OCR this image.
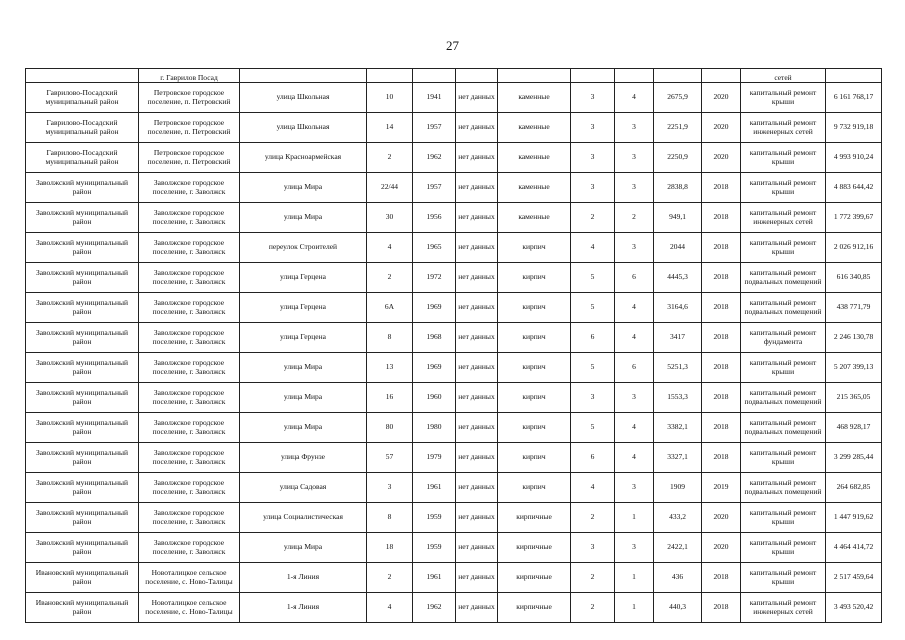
27
	г. Гаврилов Посад										сетей	
Гаврилово-Посадский муниципальный район	Петровское городское поселение, п. Петровский	улица Школьная	10	1941	нет данных	каменные	3	4	2675,9	2020	капитальный ремонт крыши	6 161 768,17
Гаврилово-Посадский муниципальный район	Петровское городское поселение, п. Петровский	улица Школьная	14	1957	нет данных	каменные	3	3	2251,9	2020	капитальный ремонт инженерных сетей	9 732 919,18
Гаврилово-Посадский муниципальный район	Петровское городское поселение, п. Петровский	улица Красноармейская	2	1962	нет данных	каменные	3	3	2250,9	2020	капитальный ремонт крыши	4 993 910,24
Заволжский муниципальный район	Заволжское городское поселение, г. Заволжск	улица Мира	22/44	1957	нет данных	каменные	3	3	2838,8	2018	капитальный ремонт крыши	4 883 644,42
Заволжский муниципальный район	Заволжское городское поселение, г. Заволжск	улица Мира	30	1956	нет данных	каменные	2	2	949,1	2018	капитальный ремонт инженерных сетей	1 772 399,67
Заволжский муниципальный район	Заволжское городское поселение, г. Заволжск	переулок Строителей	4	1965	нет данных	кирпич	4	3	2044	2018	капитальный ремонт крыши	2 026 912,16
Заволжский муниципальный район	Заволжское городское поселение, г. Заволжск	улица Герцена	2	1972	нет данных	кирпич	5	6	4445,3	2018	капитальный ремонт подвальных помещений	616 340,85
Заволжский муниципальный район	Заволжское городское поселение, г. Заволжск	улица Герцена	6А	1969	нет данных	кирпич	5	4	3164,6	2018	капитальный ремонт подвальных помещений	438 771,79
Заволжский муниципальный район	Заволжское городское поселение, г. Заволжск	улица Герцена	8	1968	нет данных	кирпич	6	4	3417	2018	капитальный ремонт фундамента	2 246 130,78
Заволжский муниципальный район	Заволжское городское поселение, г. Заволжск	улица Мира	13	1969	нет данных	кирпич	5	6	5251,3	2018	капитальный ремонт крыши	5 207 399,13
Заволжский муниципальный район	Заволжское городское поселение, г. Заволжск	улица Мира	16	1960	нет данных	кирпич	3	3	1553,3	2018	капитальный ремонт подвальных помещений	215 365,05
Заволжский муниципальный район	Заволжское городское поселение, г. Заволжск	улица Мира	80	1980	нет данных	кирпич	5	4	3382,1	2018	капитальный ремонт подвальных помещений	468 928,17
Заволжский муниципальный район	Заволжское городское поселение, г. Заволжск	улица Фрунзе	57	1979	нет данных	кирпич	6	4	3327,1	2018	капитальный ремонт крыши	3 299 285,44
Заволжский муниципальный район	Заволжское городское поселение, г. Заволжск	улица Садовая	3	1961	нет данных	кирпич	4	3	1909	2019	капитальный ремонт подвальных помещений	264 682,85
Заволжский муниципальный район	Заволжское городское поселение, г. Заволжск	улица Социалистическая	8	1959	нет данных	кирпичные	2	1	433,2	2020	капитальный ремонт крыши	1 447 919,62
Заволжский муниципальный район	Заволжское городское поселение, г. Заволжск	улица Мира	18	1959	нет данных	кирпичные	3	3	2422,1	2020	капитальный ремонт крыши	4 464 414,72
Ивановский муниципальный район	Новоталицкое сельское поселение, с. Ново-Талицы	1-я Линия	2	1961	нет данных	кирпичные	2	1	436	2018	капитальный ремонт крыши	2 517 459,64
Ивановский муниципальный район	Новоталицкое сельское поселение, с. Ново-Талицы	1-я Линия	4	1962	нет данных	кирпичные	2	1	440,3	2018	капитальный ремонт инженерных сетей	3 493 520,42
